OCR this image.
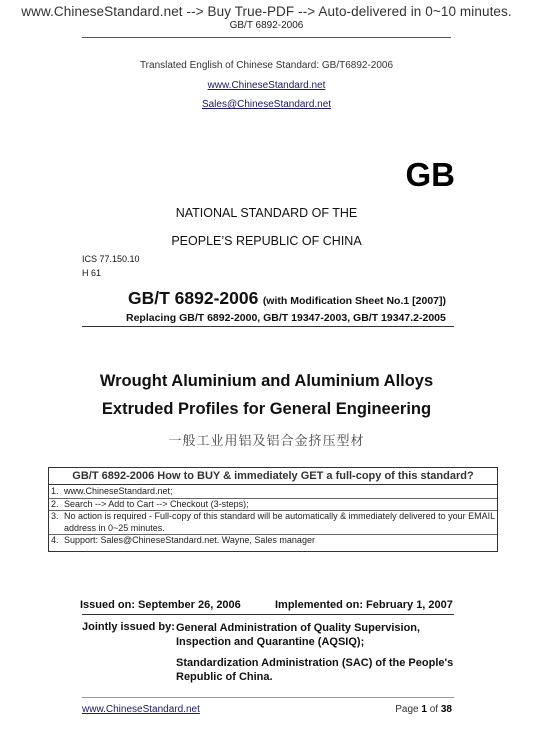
www.ChineseStandard.net --> Buy True-PDF --> Auto-delivered in 0~10 minutes.
GB/T 6892-2006
Translated English of Chinese Standard: GB/T6892-2006
www.ChineseStandard.net
Sales@ChineseStandard.net
GB
NATIONAL STANDARD OF THE
PEOPLE’S REPUBLIC OF CHINA
ICS 77.150.10
H 61
GB/T 6892-2006 (with Modification Sheet No.1 [2007])
Replacing GB/T 6892-2000, GB/T 19347-2003, GB/T 19347.2-2005
Wrought Aluminium and Aluminium Alloys
Extruded Profiles for General Engineering
一般工业用铝及铝合金挤压型材
GB/T 6892-2006 How to BUY & immediately GET a full-copy of this standard?
1. www.ChineseStandard.net;
2. Search --> Add to Cart --> Checkout (3-steps);
3. No action is required - Full-copy of this standard will be automatically & immediately delivered to your EMAIL address in 0~25 minutes.
4. Support: Sales@ChineseStandard.net. Wayne, Sales manager
Issued on: September 26, 2006	Implemented on: February 1, 2007
Jointly issued by: General Administration of Quality Supervision, Inspection and Quarantine (AQSIQ);
Standardization Administration (SAC) of the People's Republic of China.
www.ChineseStandard.net	Page 1 of 38
